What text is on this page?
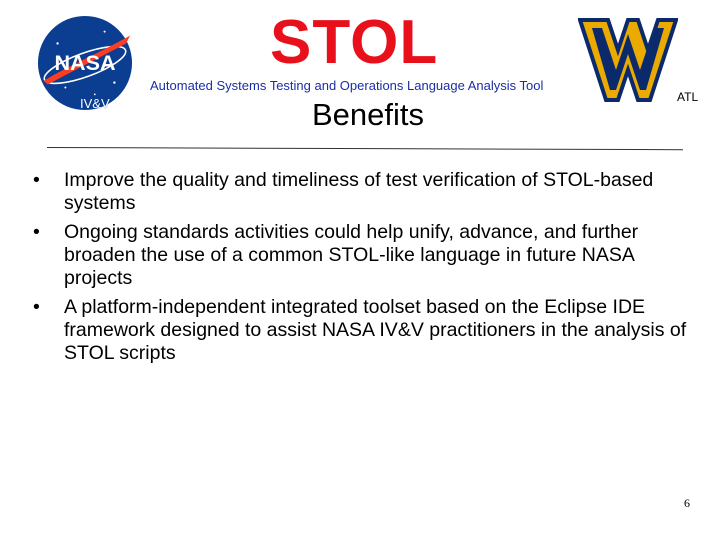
NASA
IV&V
STOL
Automated Systems Testing and Operations Language Analysis Tool
Benefits	ATL
• Improve the quality and timeliness of test verification of STOL-based systems
• Ongoing standards activities could help unify, advance, and further broaden the use of a common STOL-like language in future NASA projects
• A platform-independent integrated toolset based on the Eclipse IDE framework designed to assist NASA IV&V practitioners in the analysis of STOL scripts
6
